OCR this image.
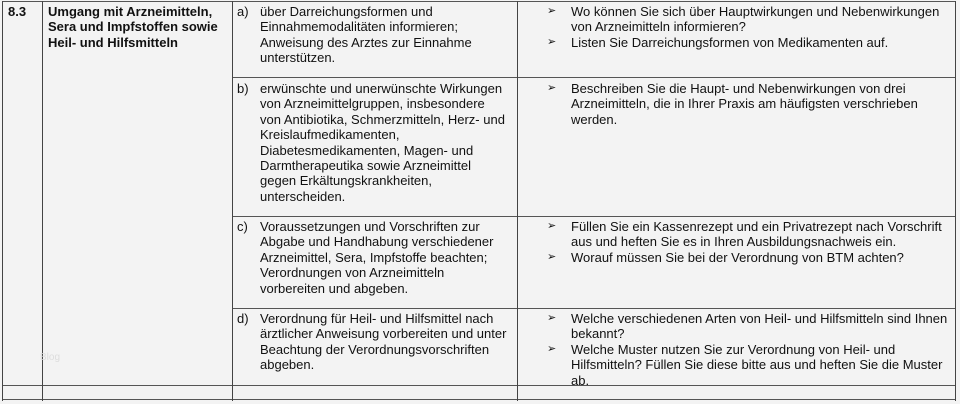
8.3 Umgang mit Arzneimitteln,
Sera und Impfstoffen sowie
Heil- und Hilfsmitteln
Blog
a) über Darreichungsformen und
Einnahmemodalitäten informieren;
Anweisung des Arztes zur Einnahme
unterstützen.
➢ Wo können Sie sich über Hauptwirkungen und Nebenwirkungen von Arzneimitteln informieren?
➢ Listen Sie Darreichungsformen von Medikamenten auf.
b) erwünschte und unerwünschte Wirkungen
von Arzneimittelgruppen, insbesondere
von Antibiotika, Schmerzmitteln, Herz- und
Kreislaufmedikamenten,
Diabetesmedikamenten, Magen- und
Darmtherapeutika sowie Arzneimittel
gegen Erkältungskrankheiten,
unterscheiden.
➢ Beschreiben Sie die Haupt- und Nebenwirkungen von drei Arzneimitteln, die in Ihrer Praxis am häufigsten verschrieben werden.
c) Voraussetzungen und Vorschriften zur
Abgabe und Handhabung verschiedener
Arzneimittel, Sera, Impfstoffe beachten;
Verordnungen von Arzneimitteln
vorbereiten und abgeben.
➢ Füllen Sie ein Kassenrezept und ein Privatrezept nach Vorschrift aus und heften Sie es in Ihren Ausbildungsnachweis ein.
➢ Worauf müssen Sie bei der Verordnung von BTM achten?
d) Verordnung für Heil- und Hilfsmittel nach
ärztlicher Anweisung vorbereiten und unter
Beachtung der Verordnungsvorschriften
abgeben.
➢ Welche verschiedenen Arten von Heil- und Hilfsmitteln sind Ihnen bekannt?
➢ Welche Muster nutzen Sie zur Verordnung von Heil- und Hilfsmitteln? Füllen Sie diese bitte aus und heften Sie die Muster ab.
